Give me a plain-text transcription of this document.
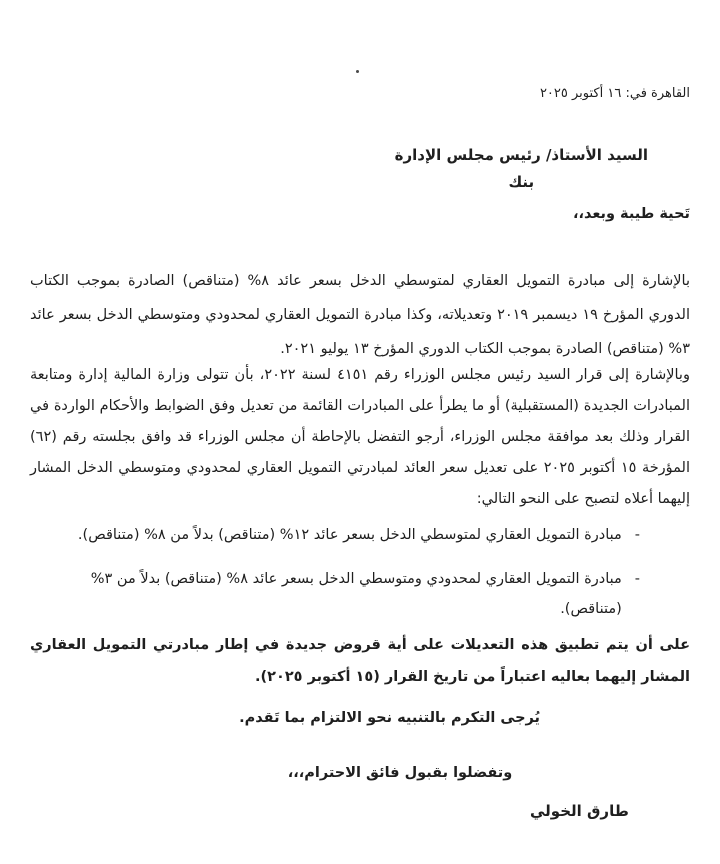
القاهرة في: ١٦ أكتوبر ٢٠٢٥
السيد الأستاذ/ رئيس مجلس الإدارة
بنك
تَحية طيبة وبعد،،
بالإشارة إلى مبادرة التمويل العقاري لمتوسطي الدخل بسعر عائد ٨% (متناقص) الصادرة بموجب الكتاب الدوري المؤرخ ١٩ ديسمبر ٢٠١٩ وتعديلاته، وكذا مبادرة التمويل العقاري لمحدودي ومتوسطي الدخل بسعر عائد ٣% (متناقص) الصادرة بموجب الكتاب الدوري المؤرخ ١٣ يوليو ٢٠٢١.
وبالإشارة إلى قرار السيد رئيس مجلس الوزراء رقم ٤١٥١ لسنة ٢٠٢٢، بأن تتولى وزارة المالية إدارة ومتابعة المبادرات الجديدة (المستقبلية) أو ما يطرأ على المبادرات القائمة من تعديل وفق الضوابط والأحكام الواردة في القرار وذلك بعد موافقة مجلس الوزراء، أرجو التفضل بالإحاطة أن مجلس الوزراء قد وافق بجلسته رقم (٦٢) المؤرخة ١٥ أكتوبر ٢٠٢٥ على تعديل سعر العائد لمبادرتي التمويل العقاري لمحدودي ومتوسطي الدخل المشار إليهما أعلاه لتصبح على النحو التالي:
-
مبادرة التمويل العقاري لمتوسطي الدخل بسعر عائد ١٢% (متناقص) بدلاً من ٨% (متناقص).
-
مبادرة التمويل العقاري لمحدودي ومتوسطي الدخل بسعر عائد ٨% (متناقص) بدلاً من ٣% (متناقص).
على أن يتم تطبيق هذه التعديلات على أية قروض جديدة في إطار مبادرتي التمويل العقاري المشار إليهما بعاليه اعتباراً من تاريخ القرار (١٥ أكتوبر ٢٠٢٥).
يُرجى التكرم بالتنبيه نحو الالتزام بما تَقدم.
وتفضلوا بقبول فائق الاحترام،،،
طارق الخولي
